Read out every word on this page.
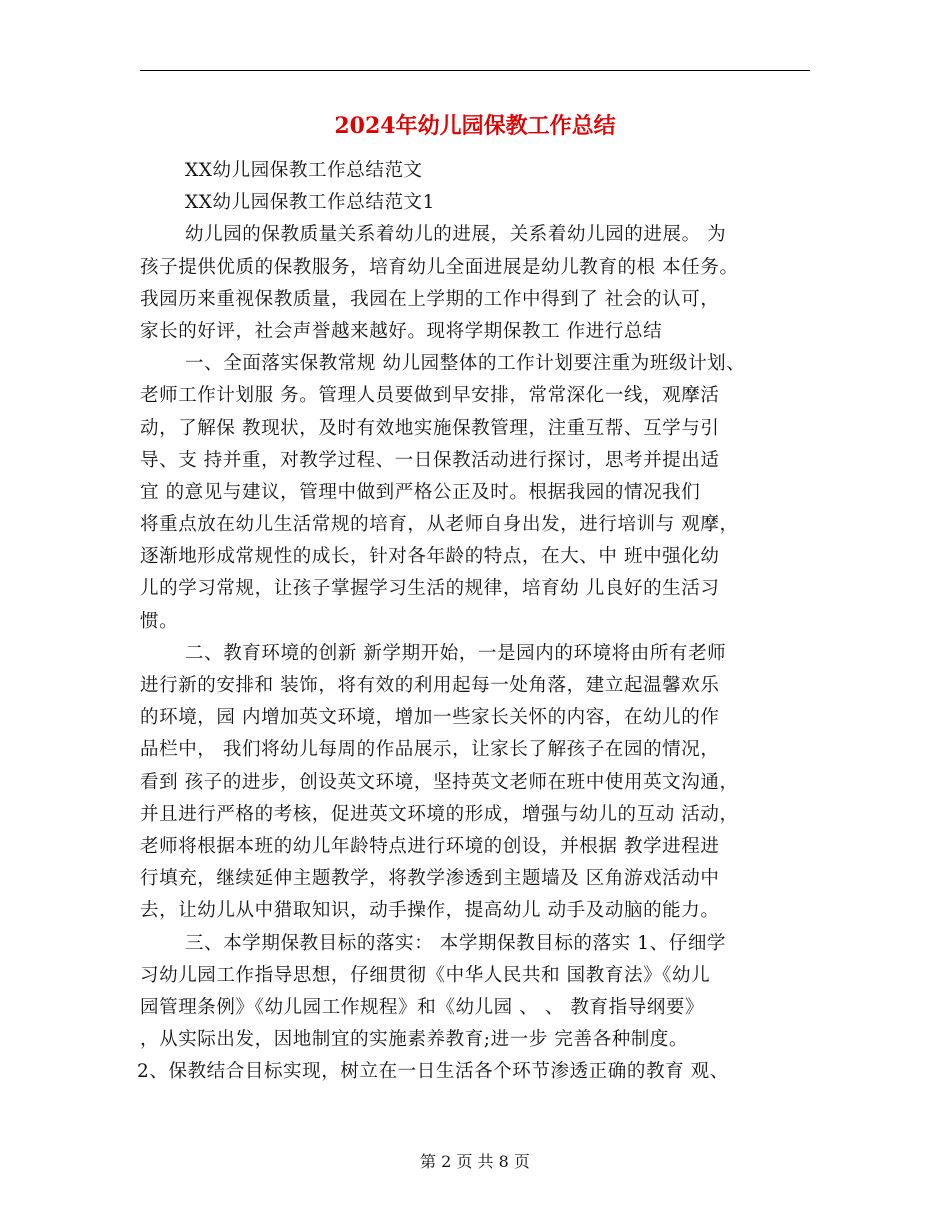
2024年幼儿园保教工作总结
XX幼儿园保教工作总结范文
XX幼儿园保教工作总结范文1
幼儿园的保教质量关系着幼儿的进展，关系着幼儿园的进展。 为
孩子提供优质的保教服务，培育幼儿全面进展是幼儿教育的根 本任务。
我园历来重视保教质量，我园在上学期的工作中得到了 社会的认可，
家长的好评，社会声誉越来越好。现将学期保教工 作进行总结
一、全面落实保教常规 幼儿园整体的工作计划要注重为班级计划、
老师工作计划服 务。管理人员要做到早安排，常常深化一线，观摩活
动，了解保 教现状，及时有效地实施保教管理，注重互帮、互学与引
导、支 持并重，对教学过程、一日保教活动进行探讨，思考并提出适
宜 的意见与建议，管理中做到严格公正及时。根据我园的情况我们
将重点放在幼儿生活常规的培育，从老师自身出发，进行培训与 观摩，
逐渐地形成常规性的成长，针对各年龄的特点，在大、中 班中强化幼
儿的学习常规，让孩子掌握学习生活的规律，培育幼 儿良好的生活习
惯。
二、教育环境的创新 新学期开始，一是园内的环境将由所有老师
进行新的安排和 装饰，将有效的利用起每一处角落，建立起温馨欢乐
的环境，园 内增加英文环境，增加一些家长关怀的内容，在幼儿的作
品栏中， 我们将幼儿每周的作品展示，让家长了解孩子在园的情况，
看到 孩子的进步，创设英文环境，坚持英文老师在班中使用英文沟通，
并且进行严格的考核，促进英文环境的形成，增强与幼儿的互动 活动，
老师将根据本班的幼儿年龄特点进行环境的创设，并根据 教学进程进
行填充，继续延伸主题教学，将教学渗透到主题墙及 区角游戏活动中
去，让幼儿从中猎取知识，动手操作，提高幼儿 动手及动脑的能力。
三、本学期保教目标的落实： 本学期保教目标的落实 1、仔细学
习幼儿园工作指导思想，仔细贯彻《中华人民共和 国教育法》《幼儿
园管理条例》《幼儿园工作规程》和《幼儿园 、 、 教育指导纲要》
，从实际出发，因地制宜的实施素养教育;进一步 完善各种制度。
2、保教结合目标实现，树立在一日生活各个环节渗透正确的教育 观、
第 2 页 共 8 页
